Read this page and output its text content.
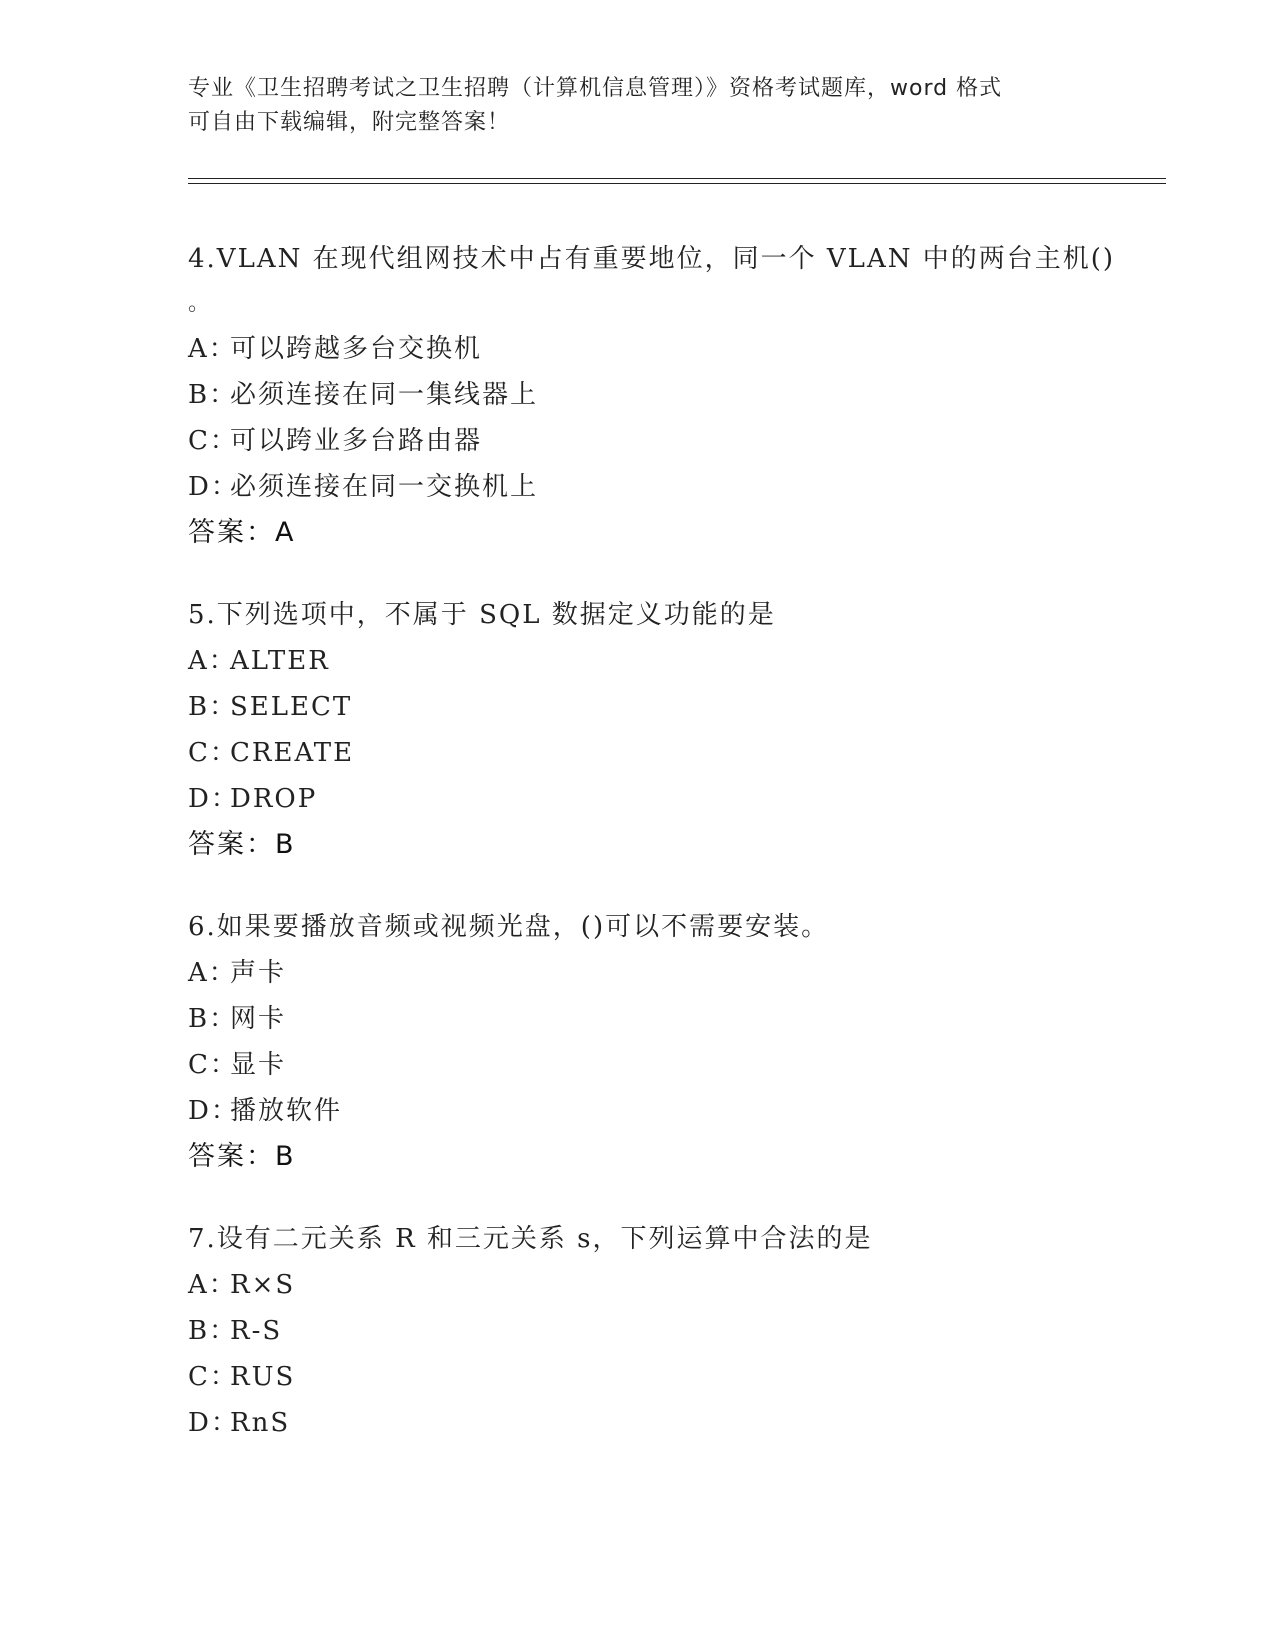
专业《卫生招聘考试之卫生招聘（计算机信息管理）》资格考试题库，word 格式
可自由下载编辑，附完整答案！

4.VLAN 在现代组网技术中占有重要地位，同一个 VLAN 中的两台主机()

。

A：
可以跨越多台交换机
B：
必须连接在同一集线器上
C：
可以跨业多台路由器
D：
必须连接在同一交换机上
答案：A

5.下列选项中，不属于 SQL 数据定义功能的是

A：
ALTER
B：
SELECT
C：
CREATE
D：
DROP
答案：B

6.如果要播放音频或视频光盘，()可以不需要安装。

A：
声卡
B：
网卡
C：
显卡
D：
播放软件
答案：B

7.设有二元关系 R 和三元关系 s，下列运算中合法的是

A：
R×S
B：
R-S
C：
RUS
D：
RnS
